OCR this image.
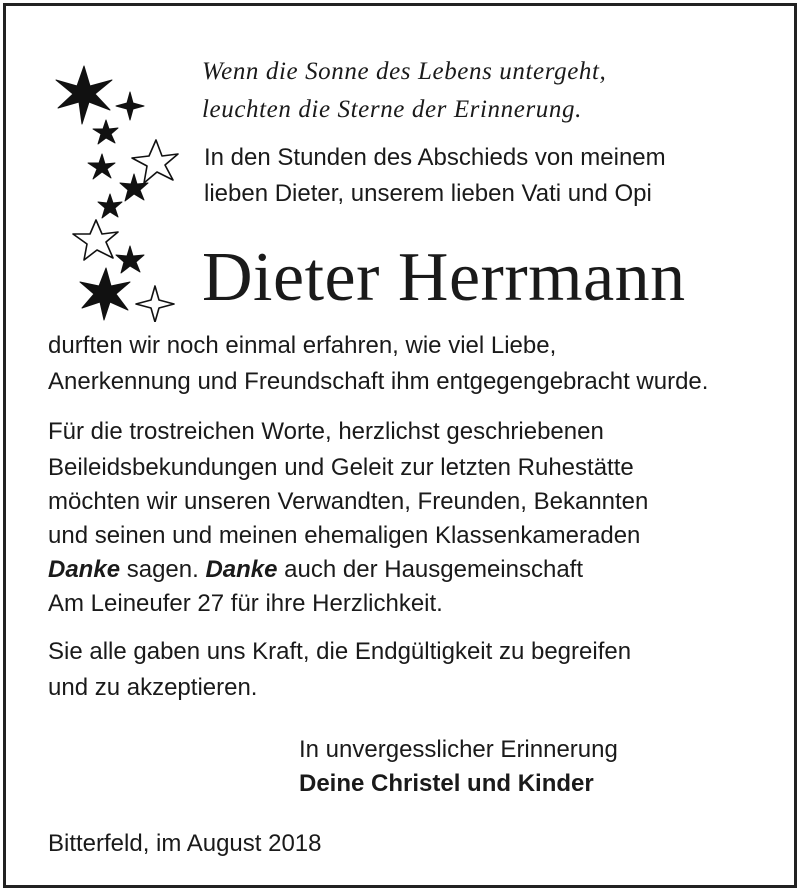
Wenn die Sonne des Lebens untergeht,
leuchten die Sterne der Erinnerung.
In den Stunden des Abschieds von meinem
lieben Dieter, unserem lieben Vati und Opi
Dieter Herrmann
durften wir noch einmal erfahren, wie viel Liebe,
Anerkennung und Freundschaft ihm entgegengebracht wurde.
Für die trostreichen Worte, herzlichst geschriebenen
Beileidsbekundungen und Geleit zur letzten Ruhestätte
möchten wir unseren Verwandten, Freunden, Bekannten
und seinen und meinen ehemaligen Klassenkameraden
Danke sagen. Danke auch der Hausgemeinschaft
Am Leineufer 27 für ihre Herzlichkeit.
Sie alle gaben uns Kraft, die Endgültigkeit zu begreifen
und zu akzeptieren.
In unvergesslicher Erinnerung
Deine Christel und Kinder
Bitterfeld, im August 2018
